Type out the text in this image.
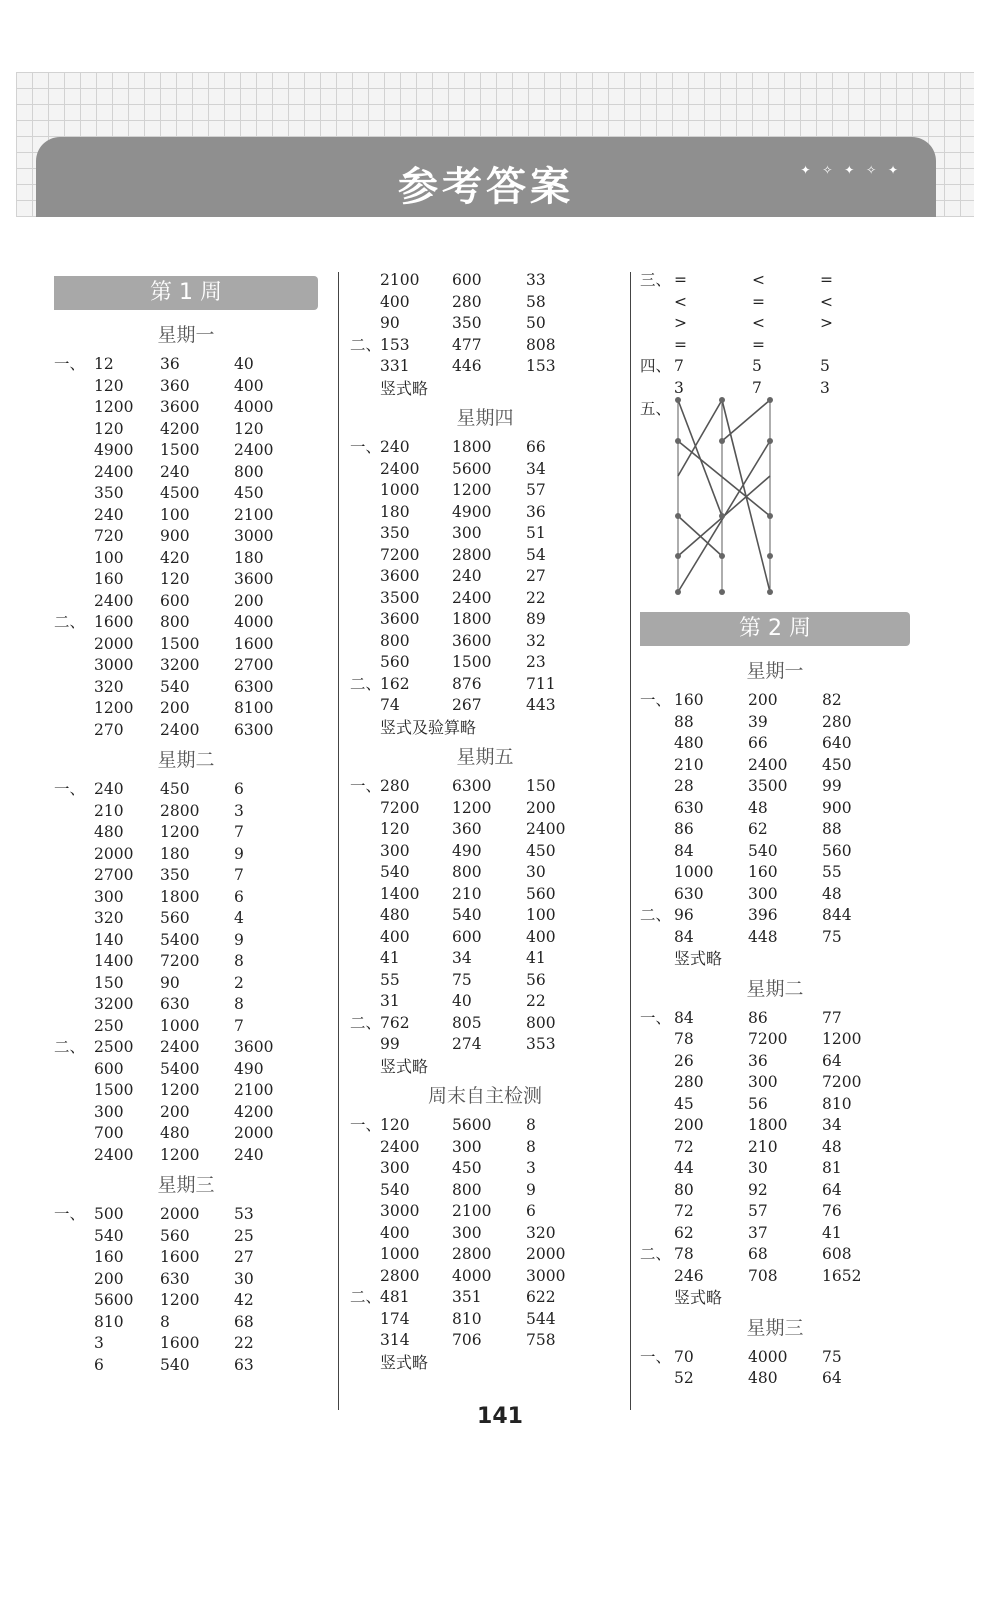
参考答案	✦ ✧ ✦ ✧ ✦
第 1 周
星期一
一、 12	36	40
120 360	400
1200 3600 4000
120 4200 120
4900 1500 2400
2400 240	800
350 4500 450
240 100	2100
720 900	3000
100 420	180
160 120	3600
2400 600	200
二、 1600 800	4000
2000 1500 1600
3000 3200 2700
320 540	6300
1200 200	8100
270 2400 6300
星期二
一、 240 450	6
210 2800 3
480 1200 7
2000 180	9
2700 350	7
300 1800 6
320 560	4
140 5400 9
1400 7200 8
150 90	2
3200 630	8
250 1000 7
二、 2500 2400 3600
600 5400 490
1500 1200 2100
300 200	4200
700 480	2000
2400 1200 240
星期三
一、 500 2000 53
540 560	25
160 1600 27
200 630	30
5600 1200 42
810 8	68
3	1600 22
6	540	63
2100 600	33
400	280	58
90	350	50
二、
153	477	808
331	446	153
竖式略
星期四
一、
240	1800 66
2400 5600 34
1000 1200 57
180	4900 36
350	300	51
7200 2800 54
3600 240	27
3500 2400 22
3600 1800 89
800	3600 32
560	1500 23
二、
162	876	711
74	267	443
竖式及验算略
星期五
一、
280	6300 150
7200 1200 200
120	360	2400
300	490	450
540	800	30
1400 210	560
480	540	100
400	600	400
41	34	41
55	75	56
31	40	22
二、
762	805	800
99	274	353
竖式略
周末自主检测
一、
120	5600 8
2400 300	8
300	450	3
540	800	9
3000 2100 6
400	300	320
1000 2800 2000
2800 4000 3000
二、
481	351	622
174	810	544
314	706	758
竖式略
三、 =	<	=
<	=	<
>	<	>
=	=
四、 7	5	5
3	7	3
五、
第 2 周
星期一
一、 160	200	82
88	39	280
480	66	640
210	2400 450
28	3500 99
630	48	900
86	62	88
84	540	560
1000 160	55
630	300	48
二、 96	396	844
84	448	75
竖式略
星期二
一、 84	86	77
78	7200 1200
26	36	64
280	300	7200
45	56	810
200	1800 34
72	210	48
44	30	81
80	92	64
72	57	76
62	37	41
二、 78	68	608
246	708	1652
竖式略
星期三
一、 70	4000 75
52	480	64
141
